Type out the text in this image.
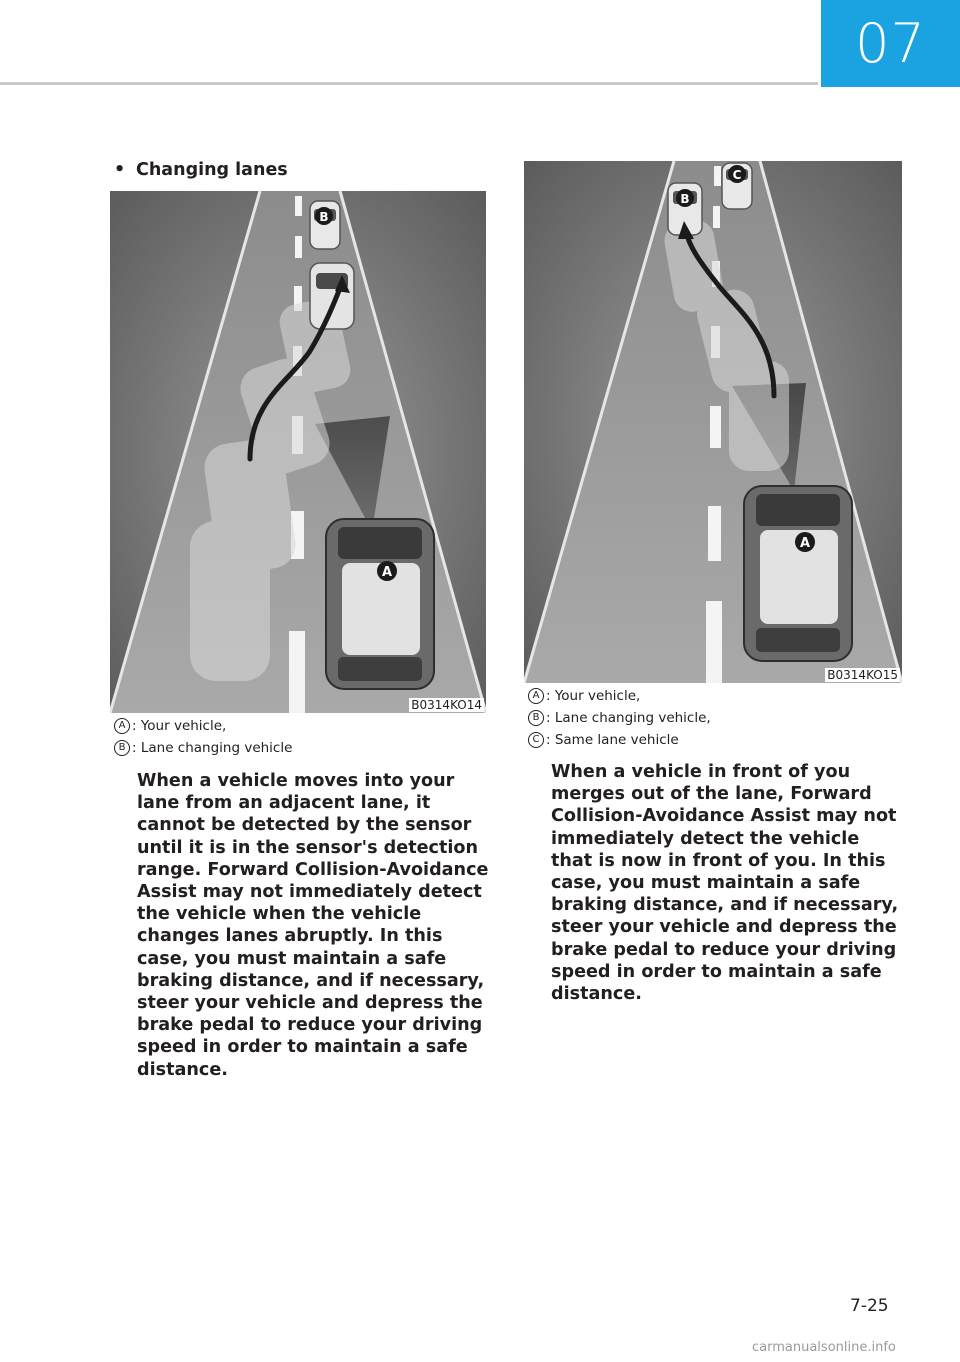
07
• Changing lanes
A
B
B0314KO14
A : Your vehicle,
B : Lane changing vehicle
When a vehicle moves into your lane from an adjacent lane, it cannot be detected by the sensor until it is in the sensor's detection range. Forward Collision-Avoidance Assist may not immediately detect the vehicle when the vehicle changes lanes abruptly. In this case, you must maintain a safe braking distance, and if necessary, steer your vehicle and depress the brake pedal to reduce your driving speed in order to maintain a safe distance.
A
B
C
B0314KO15
A : Your vehicle,
B : Lane changing vehicle,
C : Same lane vehicle
When a vehicle in front of you merges out of the lane, Forward Collision-Avoidance Assist may not immediately detect the vehicle that is now in front of you. In this case, you must maintain a safe braking distance, and if necessary, steer your vehicle and depress the brake pedal to reduce your driving speed in order to maintain a safe distance.
7-25
carmanualsonline.info
